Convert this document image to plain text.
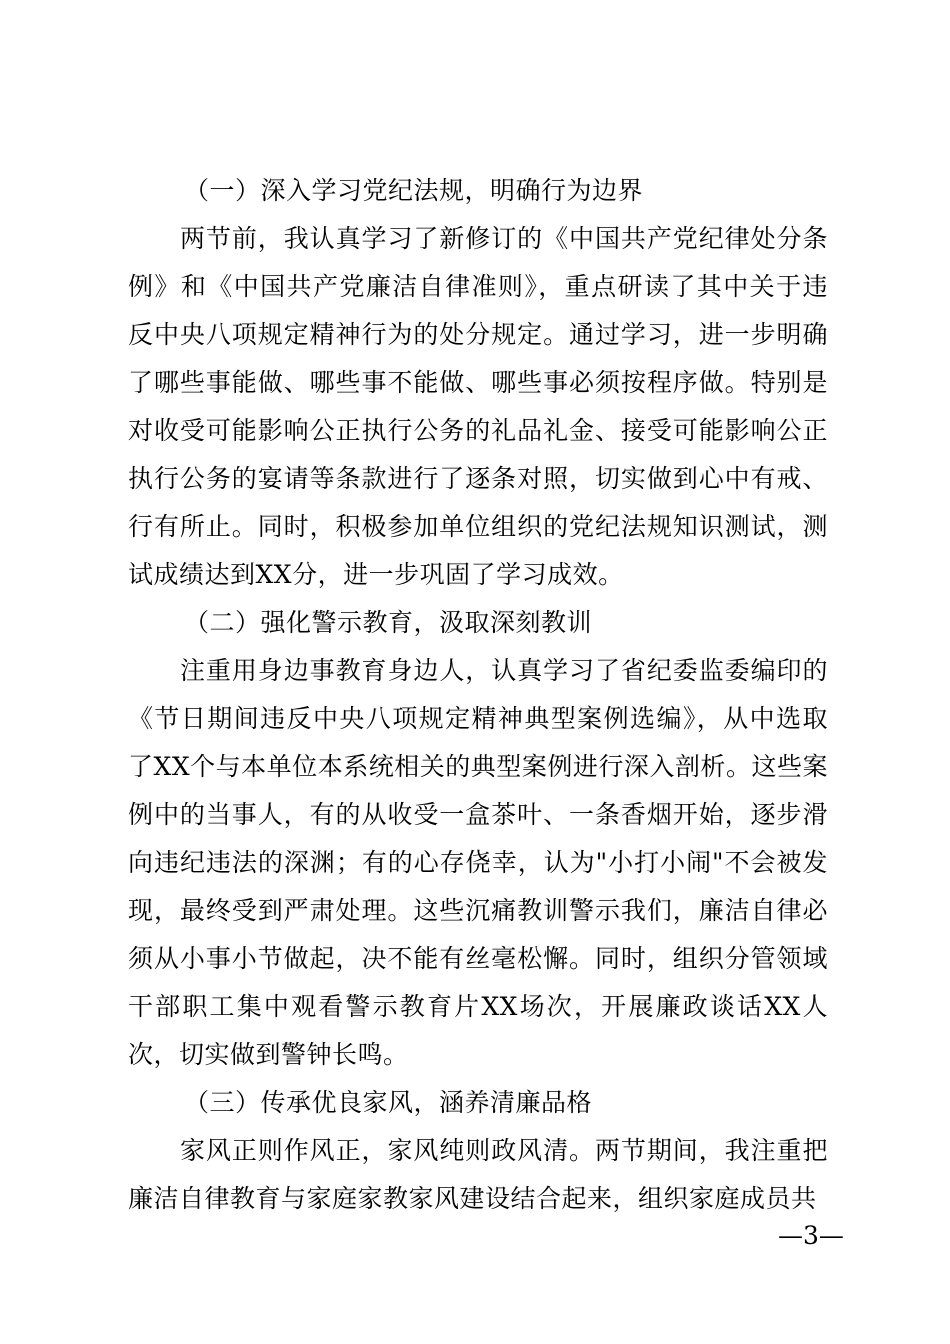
（一）深入学习党纪法规，明确行为边界

两节前，我认真学习了新修订的《中国共产党纪律处分条例》和《中国共产党廉洁自律准则》，重点研读了其中关于违反中央八项规定精神行为的处分规定。通过学习，进一步明确了哪些事能做、哪些事不能做、哪些事必须按程序做。特别是对收受可能影响公正执行公务的礼品礼金、接受可能影响公正执行公务的宴请等条款进行了逐条对照，切实做到心中有戒、行有所止。同时，积极参加单位组织的党纪法规知识测试，测试成绩达到XX分，进一步巩固了学习成效。

（二）强化警示教育，汲取深刻教训

注重用身边事教育身边人，认真学习了省纪委监委编印的《节日期间违反中央八项规定精神典型案例选编》，从中选取了XX个与本单位本系统相关的典型案例进行深入剖析。这些案例中的当事人，有的从收受一盒茶叶、一条香烟开始，逐步滑向违纪违法的深渊；有的心存侥幸，认为"小打小闹"不会被发现，最终受到严肃处理。这些沉痛教训警示我们，廉洁自律必须从小事小节做起，决不能有丝毫松懈。同时，组织分管领域干部职工集中观看警示教育片XX场次，开展廉政谈话XX人次，切实做到警钟长鸣。

（三）传承优良家风，涵养清廉品格

家风正则作风正，家风纯则政风清。两节期间，我注重把廉洁自律教育与家庭家教家风建设结合起来，组织家庭成员共

—3—
